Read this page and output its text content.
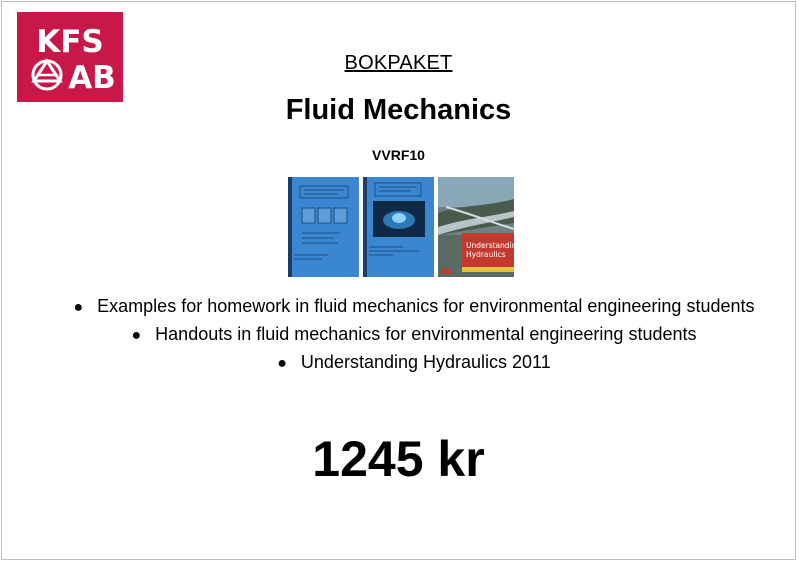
KFS
AB	BOKPAKET
Fluid Mechanics
VVRF10
Understanding
Hydraulics
● Examples for homework in fluid mechanics for environmental engineering students
● Handouts in fluid mechanics for environmental engineering students
● Understanding Hydraulics 2011
1245 kr
